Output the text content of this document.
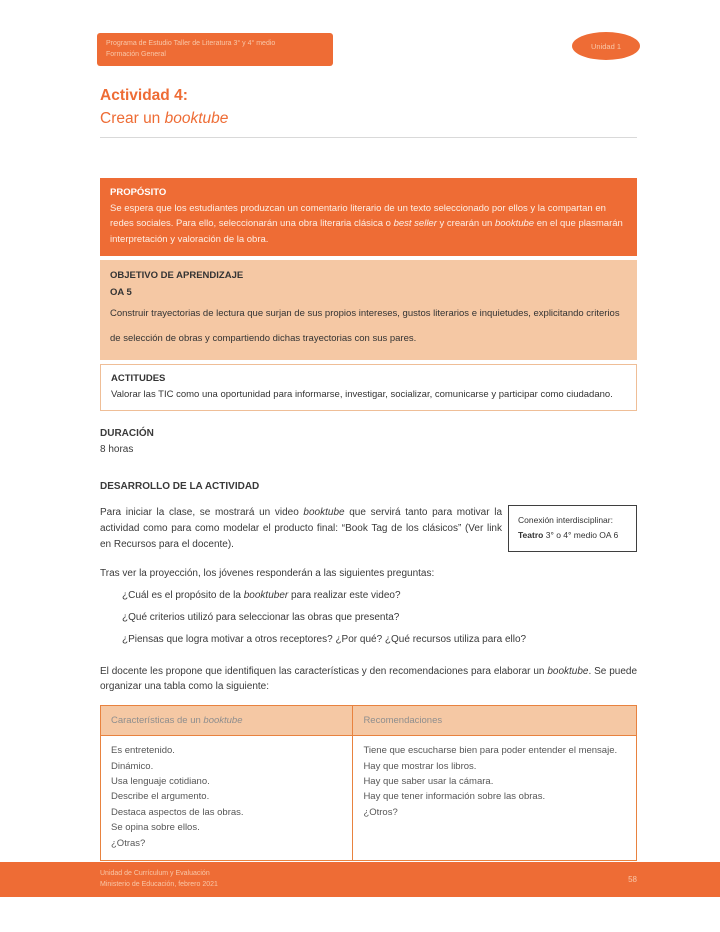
Programa de Estudio Taller de Literatura 3° y 4° medio
Formación General
Unidad 1
Actividad 4:
Crear un booktube
PROPÓSITO
Se espera que los estudiantes produzcan un comentario literario de un texto seleccionado por ellos y la compartan en redes sociales. Para ello, seleccionarán una obra literaria clásica o best seller y crearán un booktube en el que plasmarán interpretación y valoración de la obra.
OBJETIVO DE APRENDIZAJE
OA 5
Construir trayectorias de lectura que surjan de sus propios intereses, gustos literarios e inquietudes, explicitando criterios de selección de obras y compartiendo dichas trayectorias con sus pares.
ACTITUDES
Valorar las TIC como una oportunidad para informarse, investigar, socializar, comunicarse y participar como ciudadano.
DURACIÓN
8 horas
DESARROLLO DE LA ACTIVIDAD
Para iniciar la clase, se mostrará un video booktube que servirá tanto para motivar la actividad como para como modelar el producto final: “Book Tag de los clásicos” (Ver link en Recursos para el docente).
Conexión interdisciplinar:
Teatro 3° o 4° medio OA 6
Tras ver la proyección, los jóvenes responderán a las siguientes preguntas:
¿Cuál es el propósito de la booktuber para realizar este video?
¿Qué criterios utilizó para seleccionar las obras que presenta?
¿Piensas que logra motivar a otros receptores? ¿Por qué? ¿Qué recursos utiliza para ello?
El docente les propone que identifiquen las características y den recomendaciones para elaborar un booktube. Se puede organizar una tabla como la siguiente:
Características de un booktube	Recomendaciones
Es entretenido.
Dinámico.
Usa lenguaje cotidiano.
Describe el argumento.
Destaca aspectos de las obras.
Se opina sobre ellos.
¿Otras?
Tiene que escucharse bien para poder entender el mensaje.
Hay que mostrar los libros.
Hay que saber usar la cámara.
Hay que tener información sobre las obras.
¿Otros?
Unidad de Currículum y Evaluación
Ministerio de Educación, febrero 2021	58
